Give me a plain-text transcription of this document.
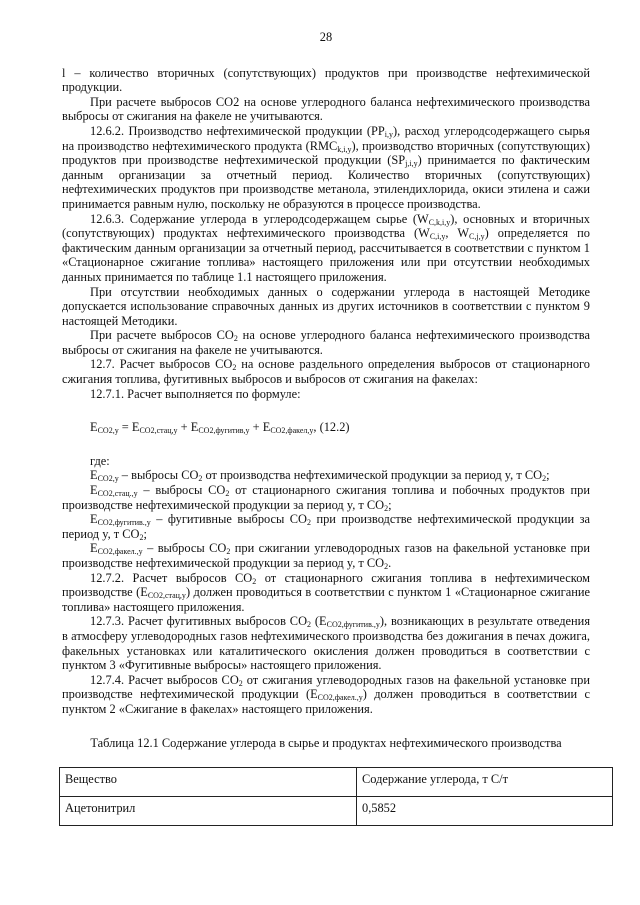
28

l – количество вторичных (сопутствующих) продуктов при производстве нефтехимической продукции.

При расчете выбросов CO2 на основе углеродного баланса нефтехимического производства выбросы от сжигания на факеле не учитываются.

12.6.2. Производство нефтехимической продукции $(PP_{i,y})$, расход углеродсодержащего сырья на производство нефтехимического продукта $(RMC_{k,i,y})$, производство вторичных (сопутствующих) продуктов при производстве нефтехимической продукции $(SP_{j,i,y})$ принимается по фактическим данным организации за отчетный период. Количество вторичных (сопутствующих) нефтехимических продуктов при производстве метанола, этилендихлорида, окиси этилена и сажи принимается равным нулю, поскольку не образуются в процессе производства.

12.6.3. Содержание углерода в углеродсодержащем сырье $(W_{C,k,i,y})$, основных и вторичных (сопутствующих) продуктах нефтехимического производства ($W_{C,i,y}$, $W_{C,j,y}$) определяется по фактическим данным организации за отчетный период, рассчитывается в соответствии с пунктом 1 «Стационарное сжигание топлива» настоящего приложения или при отсутствии необходимых данных принимается по таблице 1.1 настоящего приложения.

При отсутствии необходимых данных о содержании углерода в настоящей Методике допускается использование справочных данных из других источников в соответствии с пунктом 9 настоящей Методики.

При расчете выбросов $CO_2$ на основе углеродного баланса нефтехимического производства выбросы от сжигания на факеле не учитываются.

12.7. Расчет выбросов $CO_2$ на основе раздельного определения выбросов от стационарного сжигания топлива, фугитивных выбросов и выбросов от сжигания на факелах:

12.7.1. Расчет выполняется по формуле:

$E_{CO2,y} = E_{CO2,стац,y} + E_{CO2,фугитив,y} + E_{CO2,факел,y}$, (12.2)

где:

$E_{CO2,y}$ – выбросы $CO_2$ от производства нефтехимической продукции за период y, т $CO_2$;

$E_{CO2,стац.,y}$ – выбросы $CO_2$ от стационарного сжигания топлива и побочных продуктов при производстве нефтехимической продукции за период y, т $CO_2$;

$E_{CO2,фугитив.,y}$ – фугитивные выбросы $CO_2$ при производстве нефтехимической продукции за период y, т $CO_2$;

$E_{CO2,факел.,y}$ – выбросы $CO_2$ при сжигании углеводородных газов на факельной установке при производстве нефтехимической продукции за период y, т $CO_2$.

12.7.2. Расчет выбросов $CO_2$ от стационарного сжигания топлива в нефтехимическом производстве $(E_{CO2,стац,y})$ должен проводиться в соответствии с пунктом 1 «Стационарное сжигание топлива» настоящего приложения.

12.7.3. Расчет фугитивных выбросов $CO_2$ $(E_{CO2,фугитив.,y})$, возникающих в результате отведения в атмосферу углеводородных газов нефтехимического производства без дожигания в печах дожига, факельных установках или каталитического окисления должен проводиться в соответствии с пунктом 3 «Фугитивные выбросы» настоящего приложения.

12.7.4. Расчет выбросов $CO_2$ от сжигания углеводородных газов на факельной установке при производстве нефтехимической продукции $(E_{CO2,факел.,y})$ должен проводиться в соответствии с пунктом 2 «Сжигание в факелах» настоящего приложения.

Таблица 12.1 Содержание углерода в сырье и продуктах нефтехимического производства
Вещество	Содержание углерода, т С/т
Ацетонитрил	0,5852
